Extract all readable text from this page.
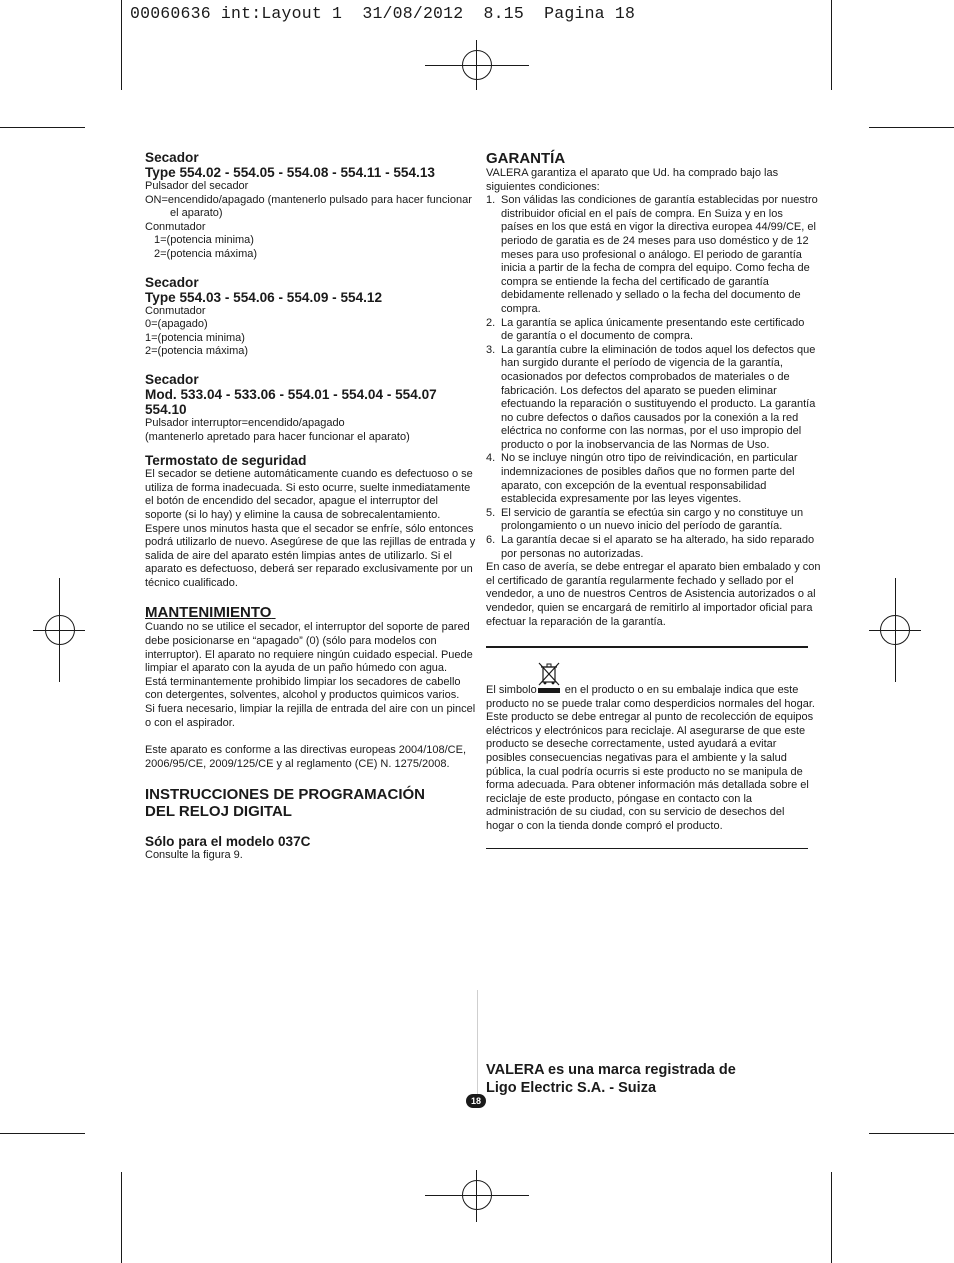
00060636 int:Layout 1  31/08/2012  8.15  Pagina 18
Secador
Type 554.02 - 554.05 - 554.08 - 554.11 - 554.13
Pulsador del secador
ON=encendido/apagado (mantenerlo pulsado para hacer funcionar
el aparato)
Conmutador
1=(potencia minima)
2=(potencia máxima)
Secador
Type 554.03 - 554.06 - 554.09 - 554.12
Conmutador
0=(apagado)
1=(potencia minima)
2=(potencia máxima)
Secador
Mod. 533.04 - 533.06 - 554.01 - 554.04 - 554.07
554.10
Pulsador interruptor=encendido/apagado
(mantenerlo apretado para hacer funcionar el aparato)
Termostato de seguridad
El secador se detiene automáticamente cuando es defectuoso o se
utiliza de forma inadecuada. Si esto ocurre, suelte inmediatamente
el botón de encendido del secador, apague el interruptor del
soporte (si lo hay) y elimine la causa de sobrecalentamiento.
Espere unos minutos hasta que el secador se enfríe, sólo entonces
podrá utilizarlo de nuevo. Asegúrese de que las rejillas de entrada y
salida de aire del aparato estén limpias antes de utilizarlo. Si el
aparato es defectuoso, deberá ser reparado exclusivamente por un
técnico cualificado.
MANTENIMIENTO
Cuando no se utilice el secador, el interruptor del soporte de pared
debe posicionarse en “apagado” (0) (sólo para modelos con
interruptor). El aparato no requiere ningún cuidado especial. Puede
limpiar el aparato con la ayuda de un paño húmedo con agua.
Está terminantemente prohibido limpiar los secadores de cabello
con detergentes, solventes, alcohol y productos quimicos varios.
Si fuera necesario, limpiar la rejilla de entrada del aire con un pincel
o con el aspirador.
Este aparato es conforme a las directivas europeas 2004/108/CE,
2006/95/CE, 2009/125/CE y al reglamento (CE) N. 1275/2008.
INSTRUCCIONES DE PROGRAMACIÓN
DEL RELOJ DIGITAL
Sólo para el modelo 037C
Consulte la figura 9.
GARANTÍA
VALERA garantiza el aparato que Ud. ha comprado bajo las
siguientes condiciones:
1. Son válidas las condiciones de garantía establecidas por nuestro
distribuidor oficial en el país de compra. En Suiza y en los
países en los que está en vigor la directiva europea 44/99/CE, el
periodo de garatia es de 24 meses para uso doméstico y de 12
meses para uso profesional o análogo. El periodo de garantía
inicia a partir de la fecha de compra del equipo. Como fecha de
compra se entiende la fecha del certificado de garantía
debidamente rellenado y sellado o la fecha del documento de
compra.
2. La garantía se aplica únicamente presentando este certificado
de garantía o el documento de compra.
3. La garantía cubre la eliminación de todos aquel los defectos que
han surgido durante el período de vigencia de la garantía,
ocasionados por defectos comprobados de materiales o de
fabricación. Los defectos del aparato se pueden eliminar
efectuando la reparación o sustituyendo el producto. La garantía
no cubre defectos o daños causados por la conexión a la red
eléctrica no conforme con las normas, por el uso impropio del
producto o por la inobservancia de las Normas de Uso.
4. No se incluye ningún otro tipo de reivindicación, en particular
indemnizaciones de posibles daños que no formen parte del
aparato, con excepción de la eventual responsabilidad
establecida expresamente por las leyes vigentes.
5. El servicio de garantía se efectúa sin cargo y no constituye un
prolongamiento o un nuevo inicio del período de garantía.
6. La garantía decae si el aparato se ha alterado, ha sido reparado
por personas no autorizadas.
En caso de avería, se debe entregar el aparato bien embalado y con
el certificado de garantía regularmente fechado y sellado por el
vendedor, a uno de nuestros Centros de Asistencia autorizados o al
vendedor, quien se encargará de remitirlo al importador oficial para
efectuar la reparación de la garantía.
El simbolo	en el producto o en su embalaje indica que este
producto no se puede tralar como desperdicios normales del hogar.
Este producto se debe entregar al punto de recolección de equipos
eléctricos y electrónicos para reciclaje. Al asegurarse de que este
producto se deseche correctamente, usted ayudará a evitar
posibles consecuencias negativas para el ambiente y la salud
pública, la cual podría ocurris si este producto no se manipula de
forma adecuada. Para obtener información más detallada sobre el
reciclaje de este producto, póngase en contacto con la
administración de su ciudad, con su servicio de desechos del
hogar o con la tienda donde compró el producto.
VALERA es una marca registrada de
Ligo Electric S.A. - Suiza
18
